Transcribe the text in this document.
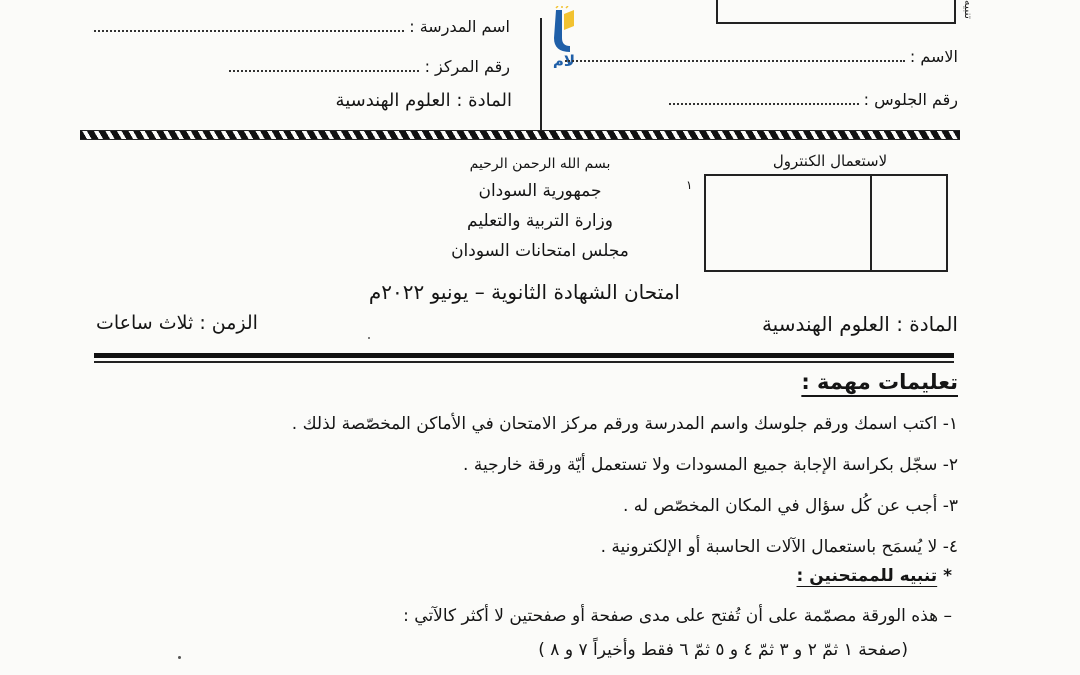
تنبيه
اسم المدرسة :
رقم المركز :
المادة : العلوم الهندسية
لام	الاسم :
رقم الجلوس :
بسم الله الرحمن الرحيم
جمهورية السودان
وزارة التربية والتعليم
مجلس امتحانات السودان
امتحان الشهادة الثانوية – يونيو ٢٠٢٢م
لاستعمال الكنترول
١
المادة : العلوم الهندسية
الزمن : ثلاث ساعات
تعليمات مهمة :
١- اكتب اسمك ورقم جلوسك واسم المدرسة ورقم مركز الامتحان في الأماكن المخصّصة لذلك .
٢- سجّل بكراسة الإجابة جميع المسودات ولا تستعمل أيّة ورقة خارجية .
٣- أجب عن كُل سؤال في المكان المخصّص له .
٤- لا يُسمَح باستعمال الآلات الحاسبة أو الإلكترونية .
* تنبيه للممتحنين :
– هذه الورقة مصمّمة على أن تُفتح على مدى صفحة أو صفحتين لا أكثر كالآتي :
(صفحة ١ ثمّ ٢ و ٣ ثمّ ٤ و ٥ ثمّ ٦ فقط وأخيراً ٧ و ٨ )
